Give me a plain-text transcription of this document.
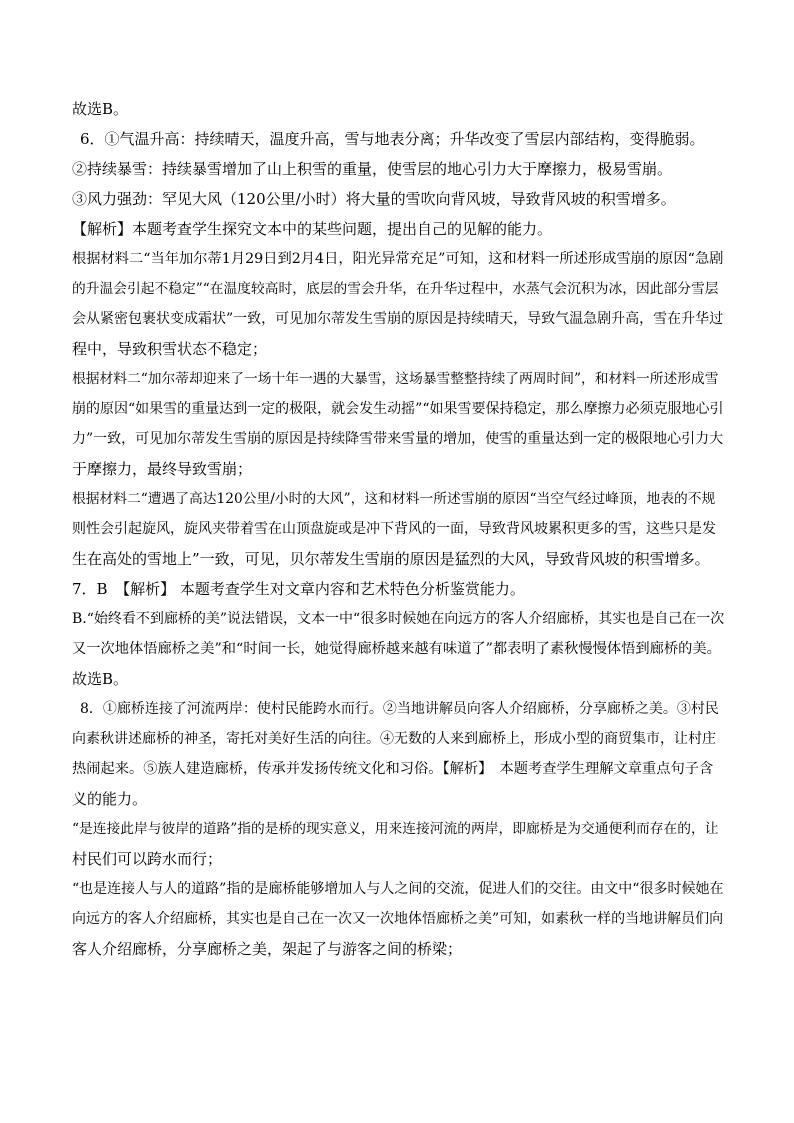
故选B。

6．①气温升高：持续晴天，温度升高，雪与地表分离；升华改变了雪层内部结构，变得脆弱。

②持续暴雪：持续暴雪增加了山上积雪的重量，使雪层的地心引力大于摩擦力，极易雪崩。

③风力强劲：罕见大风（120公里/小时）将大量的雪吹向背风坡，导致背风坡的积雪增多。

【解析】本题考查学生探究文本中的某些问题，提出自己的见解的能力。

根据材料二“当年加尔蒂1月29日到2月4日，阳光异常充足”可知，这和材料一所述形成雪崩的原因“急剧

的升温会引起不稳定”“在温度较高时，底层的雪会升华，在升华过程中，水蒸气会沉积为冰，因此部分雪层

会从紧密包裹状变成霜状”一致，可见加尔蒂发生雪崩的原因是持续晴天，导致气温急剧升高，雪在升华过

程中，导致积雪状态不稳定；

根据材料二“加尔蒂却迎来了一场十年一遇的大暴雪，这场暴雪整整持续了两周时间”，和材料一所述形成雪

崩的原因“如果雪的重量达到一定的极限，就会发生动摇”“如果雪要保持稳定，那么摩擦力必须克服地心引

力”一致，可见加尔蒂发生雪崩的原因是持续降雪带来雪量的增加，使雪的重量达到一定的极限地心引力大

于摩擦力，最终导致雪崩；

根据材料二“遭遇了高达120公里/小时的大风”，这和材料一所述雪崩的原因“当空气经过峰顶，地表的不规

则性会引起旋风，旋风夹带着雪在山顶盘旋或是冲下背风的一面，导致背风坡累积更多的雪，这些只是发

生在高处的雪地上”一致，可见，贝尔蒂发生雪崩的原因是猛烈的大风，导致背风坡的积雪增多。

7．B　【解析】 本题考查学生对文章内容和艺术特色分析鉴赏能力。

B.“始终看不到廊桥的美”说法错误，文本一中“很多时候她在向远方的客人介绍廊桥，其实也是自己在一次

又一次地体悟廊桥之美”和“时间一长，她觉得廊桥越来越有味道了”都表明了素秋慢慢体悟到廊桥的美。

故选B。

8．①廊桥连接了河流两岸：使村民能跨水而行。②当地讲解员向客人介绍廊桥，分享廊桥之美。③村民

向素秋讲述廊桥的神圣，寄托对美好生活的向往。④无数的人来到廊桥上，形成小型的商贸集市，让村庄

热闹起来。⑤族人建造廊桥，传承并发扬传统文化和习俗。【解析】　本题考查学生理解文章重点句子含

义的能力。

“是连接此岸与彼岸的道路”指的是桥的现实意义，用来连接河流的两岸，即廊桥是为交通便利而存在的，让

村民们可以跨水而行；

“也是连接人与人的道路”指的是廊桥能够增加人与人之间的交流，促进人们的交往。由文中“很多时候她在

向远方的客人介绍廊桥，其实也是自己在一次又一次地体悟廊桥之美”可知，如素秋一样的当地讲解员们向

客人介绍廊桥，分享廊桥之美，架起了与游客之间的桥梁；
